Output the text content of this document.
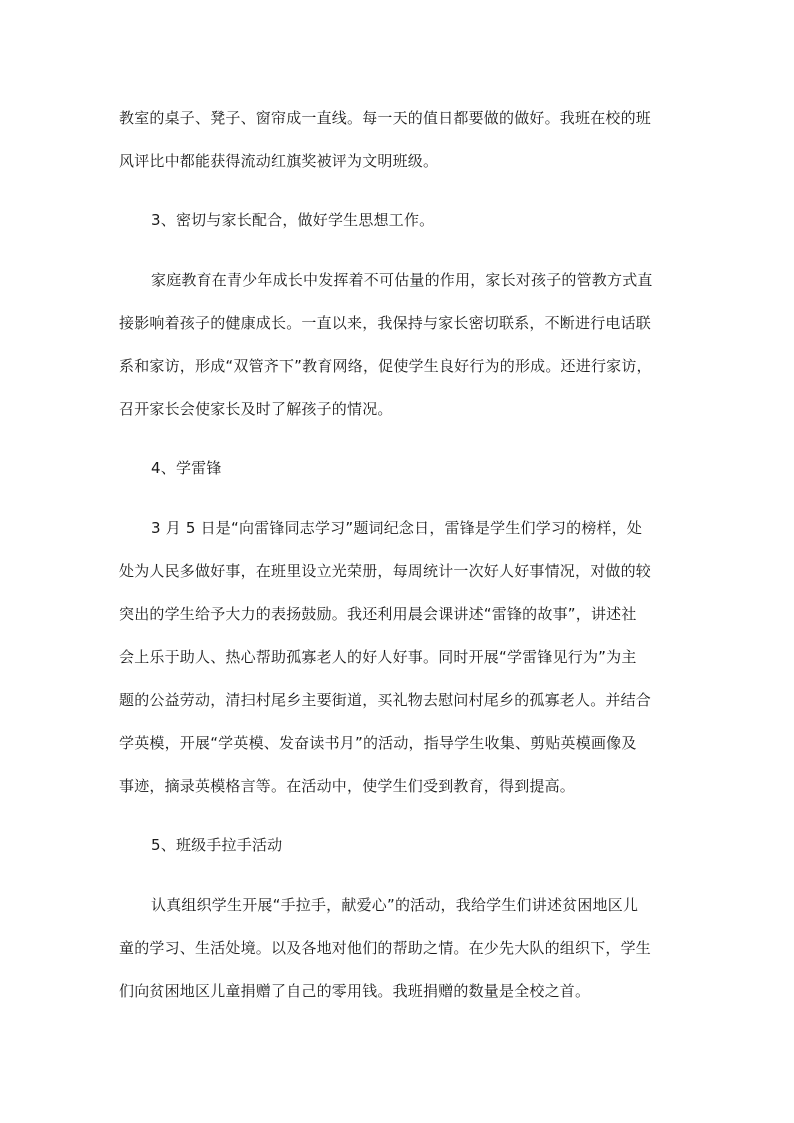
教室的桌子、凳子、窗帘成一直线。每一天的值日都要做的做好。我班在校的班
风评比中都能获得流动红旗奖被评为文明班级。
3、密切与家长配合，做好学生思想工作。
家庭教育在青少年成长中发挥着不可估量的作用，家长对孩子的管教方式直
接影响着孩子的健康成长。一直以来，我保持与家长密切联系，不断进行电话联
系和家访，形成“双管齐下”教育网络，促使学生良好行为的形成。还进行家访，
召开家长会使家长及时了解孩子的情况。
4、学雷锋
3 月 5 日是“向雷锋同志学习”题词纪念日，雷锋是学生们学习的榜样，处
处为人民多做好事，在班里设立光荣册，每周统计一次好人好事情况，对做的较
突出的学生给予大力的表扬鼓励。我还利用晨会课讲述“雷锋的故事”，讲述社
会上乐于助人、热心帮助孤寡老人的好人好事。同时开展“学雷锋见行为”为主
题的公益劳动，清扫村尾乡主要街道，买礼物去慰问村尾乡的孤寡老人。并结合
学英模，开展“学英模、发奋读书月”的活动，指导学生收集、剪贴英模画像及
事迹，摘录英模格言等。在活动中，使学生们受到教育，得到提高。
5、班级手拉手活动
认真组织学生开展“手拉手，献爱心”的活动，我给学生们讲述贫困地区儿
童的学习、生活处境。以及各地对他们的帮助之情。在少先大队的组织下，学生
们向贫困地区儿童捐赠了自己的零用钱。我班捐赠的数量是全校之首。
